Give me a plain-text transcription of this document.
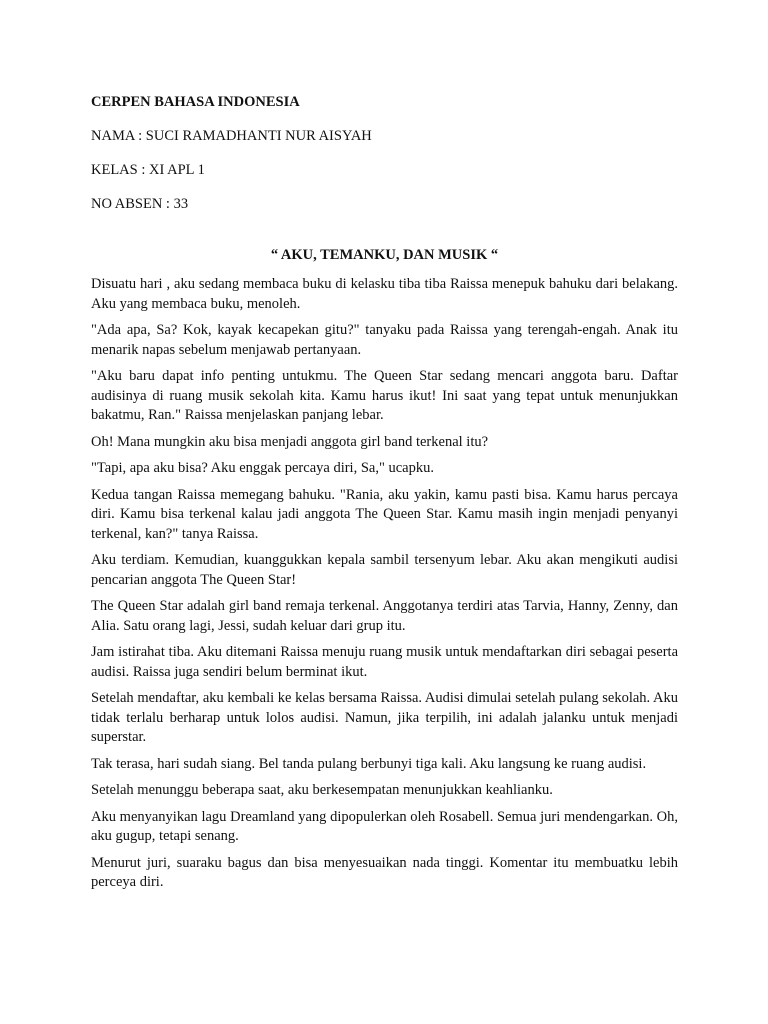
CERPEN BAHASA INDONESIA
NAMA : SUCI RAMADHANTI NUR AISYAH
KELAS : XI APL 1
NO ABSEN : 33
“ AKU, TEMANKU, DAN MUSIK “

Disuatu hari , aku sedang membaca buku di kelasku tiba tiba Raissa menepuk bahuku dari belakang. Aku yang membaca buku, menoleh.

"Ada apa, Sa? Kok, kayak kecapekan gitu?" tanyaku pada Raissa yang terengah-engah. Anak itu menarik napas sebelum menjawab pertanyaan.

"Aku baru dapat info penting untukmu. The Queen Star sedang mencari anggota baru. Daftar audisinya di ruang musik sekolah kita. Kamu harus ikut! Ini saat yang tepat untuk menunjukkan bakatmu, Ran." Raissa menjelaskan panjang lebar.

Oh! Mana mungkin aku bisa menjadi anggota girl band terkenal itu?

"Tapi, apa aku bisa? Aku enggak percaya diri, Sa," ucapku.

Kedua tangan Raissa memegang bahuku. "Rania, aku yakin, kamu pasti bisa. Kamu harus percaya diri. Kamu bisa terkenal kalau jadi anggota The Queen Star. Kamu masih ingin menjadi penyanyi terkenal, kan?" tanya Raissa.

Aku terdiam. Kemudian, kuanggukkan kepala sambil tersenyum lebar. Aku akan mengikuti audisi pencarian anggota The Queen Star!

The Queen Star adalah girl band remaja terkenal. Anggotanya terdiri atas Tarvia, Hanny, Zenny, dan Alia. Satu orang lagi, Jessi, sudah keluar dari grup itu.

Jam istirahat tiba. Aku ditemani Raissa menuju ruang musik untuk mendaftarkan diri sebagai peserta audisi. Raissa juga sendiri belum berminat ikut.

Setelah mendaftar, aku kembali ke kelas bersama Raissa. Audisi dimulai setelah pulang sekolah. Aku tidak terlalu berharap untuk lolos audisi. Namun, jika terpilih, ini adalah jalanku untuk menjadi superstar.

Tak terasa, hari sudah siang. Bel tanda pulang berbunyi tiga kali. Aku langsung ke ruang audisi.

Setelah menunggu beberapa saat, aku berkesempatan menunjukkan keahlianku.

Aku menyanyikan lagu Dreamland yang dipopulerkan oleh Rosabell. Semua juri mendengarkan. Oh, aku gugup, tetapi senang.

Menurut juri, suaraku bagus dan bisa menyesuaikan nada tinggi. Komentar itu membuatku lebih perceya diri.
